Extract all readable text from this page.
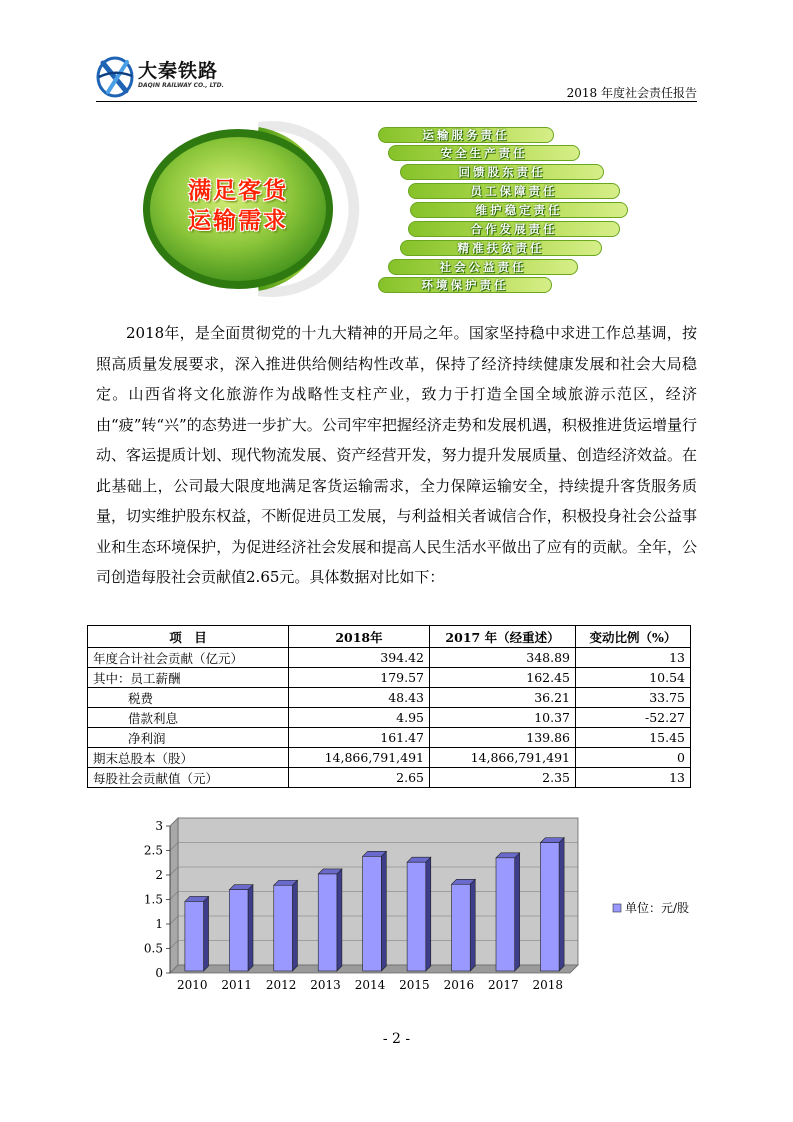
大秦铁路
DAQIN RAILWAY CO., LTD.
2018 年度社会责任报告
满足客货
运输需求
运输服务责任
安全生产责任
回馈股东责任
员工保障责任
维护稳定责任
合作发展责任
精准扶贫责任
社会公益责任
环境保护责任
2018年，是全面贯彻党的十九大精神的开局之年。国家坚持稳中求进工作总基调，按照高质量发展要求，深入推进供给侧结构性改革，保持了经济持续健康发展和社会大局稳定。山西省将文化旅游作为战略性支柱产业，致力于打造全国全域旅游示范区，经济由“疲”转“兴”的态势进一步扩大。公司牢牢把握经济走势和发展机遇，积极推进货运增量行动、客运提质计划、现代物流发展、资产经营开发，努力提升发展质量、创造经济效益。在此基础上，公司最大限度地满足客货运输需求，全力保障运输安全，持续提升客货服务质量，切实维护股东权益，不断促进员工发展，与利益相关者诚信合作，积极投身社会公益事业和生态环境保护，为促进经济社会发展和提高人民生活水平做出了应有的贡献。全年，公司创造每股社会贡献值2.65元。具体数据对比如下：
项　目	2018年	2017 年（经重述）	变动比例（%）
年度合计社会贡献（亿元）	394.42	348.89	13
其中：员工薪酬	179.57	162.45	10.54
税费	48.43	36.21	33.75
借款利息	4.95	10.37	-52.27
净利润	161.47	139.86	15.45
期末总股本（股）	14,866,791,491	14,866,791,491	0
每股社会贡献值（元）	2.65	2.35	13
0
0.5
1
1.5
2
2.5
3
2010 2011 2012 2013 2014 2015 2016 2017 2018
单位：元/股
- 2 -
